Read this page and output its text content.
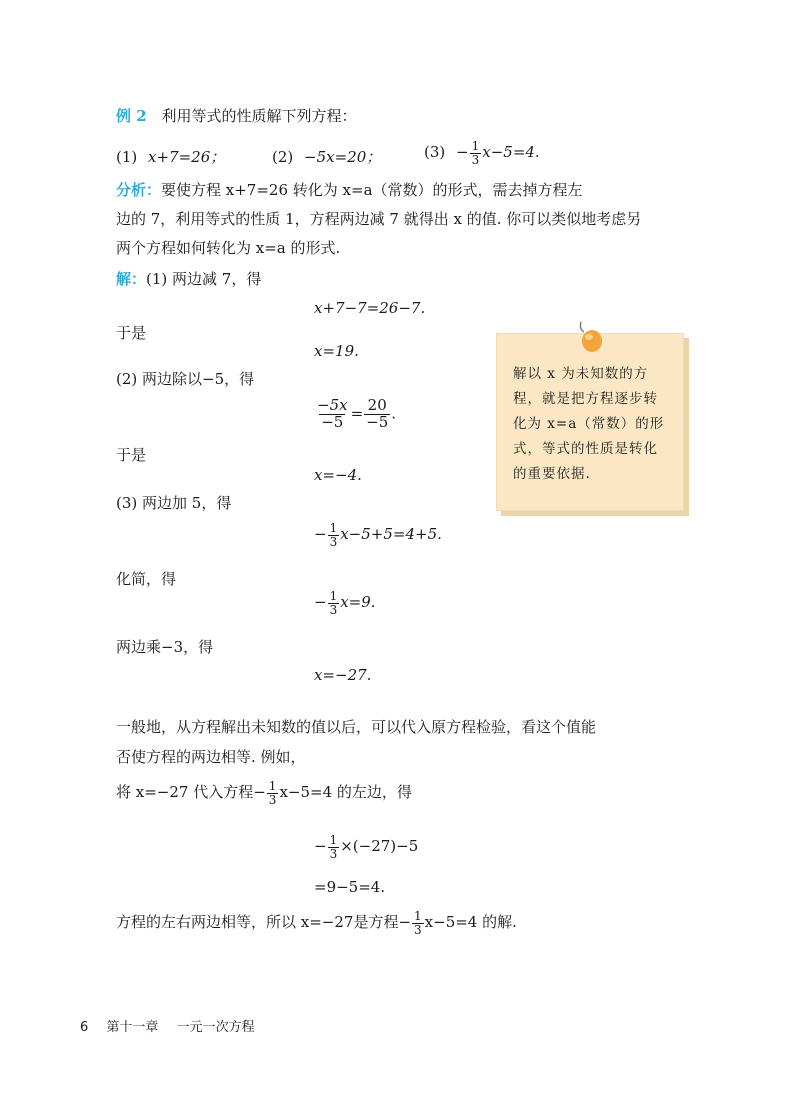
例 2 利用等式的性质解下列方程：
(1) x+7=26；	(2) −5x=20；	$(3) - \frac{1}{3} x-5=4$.
分析：要使方程 x+7=26 转化为 x=a（常数）的形式，需去掉方程左
边的 7，利用等式的性质 1，方程两边减 7 就得出 x 的值. 你可以类似地考虑另
两个方程如何转化为 x=a 的形式.
解：(1) 两边减 7，得
x+7−7=26−7.
于是
x=19.
(2) 两边除以−5，得
$\frac{-5x}{-5} = \frac{20}{-5}$ .
于是
x=−4.
(3) 两边加 5，得
− $\frac{1}{3} x-5+5=4+5$.
化简，得
− $\frac{1}{3} x=9$.
两边乘−3，得
x=−27.
解以 x 为未知数的方程，就是把方程逐步转化为 x=a（常数）的形式，等式的性质是转化的重要依据.
一般地，从方程解出未知数的值以后，可以代入原方程检验，看这个值能
否使方程的两边相等. 例如，
将 x=−27 代入方程− $\frac{1}{3} x-5=4$ 的左边，得
− $\frac{1}{3} \times(-27)-5$
=9−5=4.
方程的左右两边相等，所以 x=−27是方程− $\frac{1}{3} x-5=4$ 的解.
6 第十一章 一元一次方程
